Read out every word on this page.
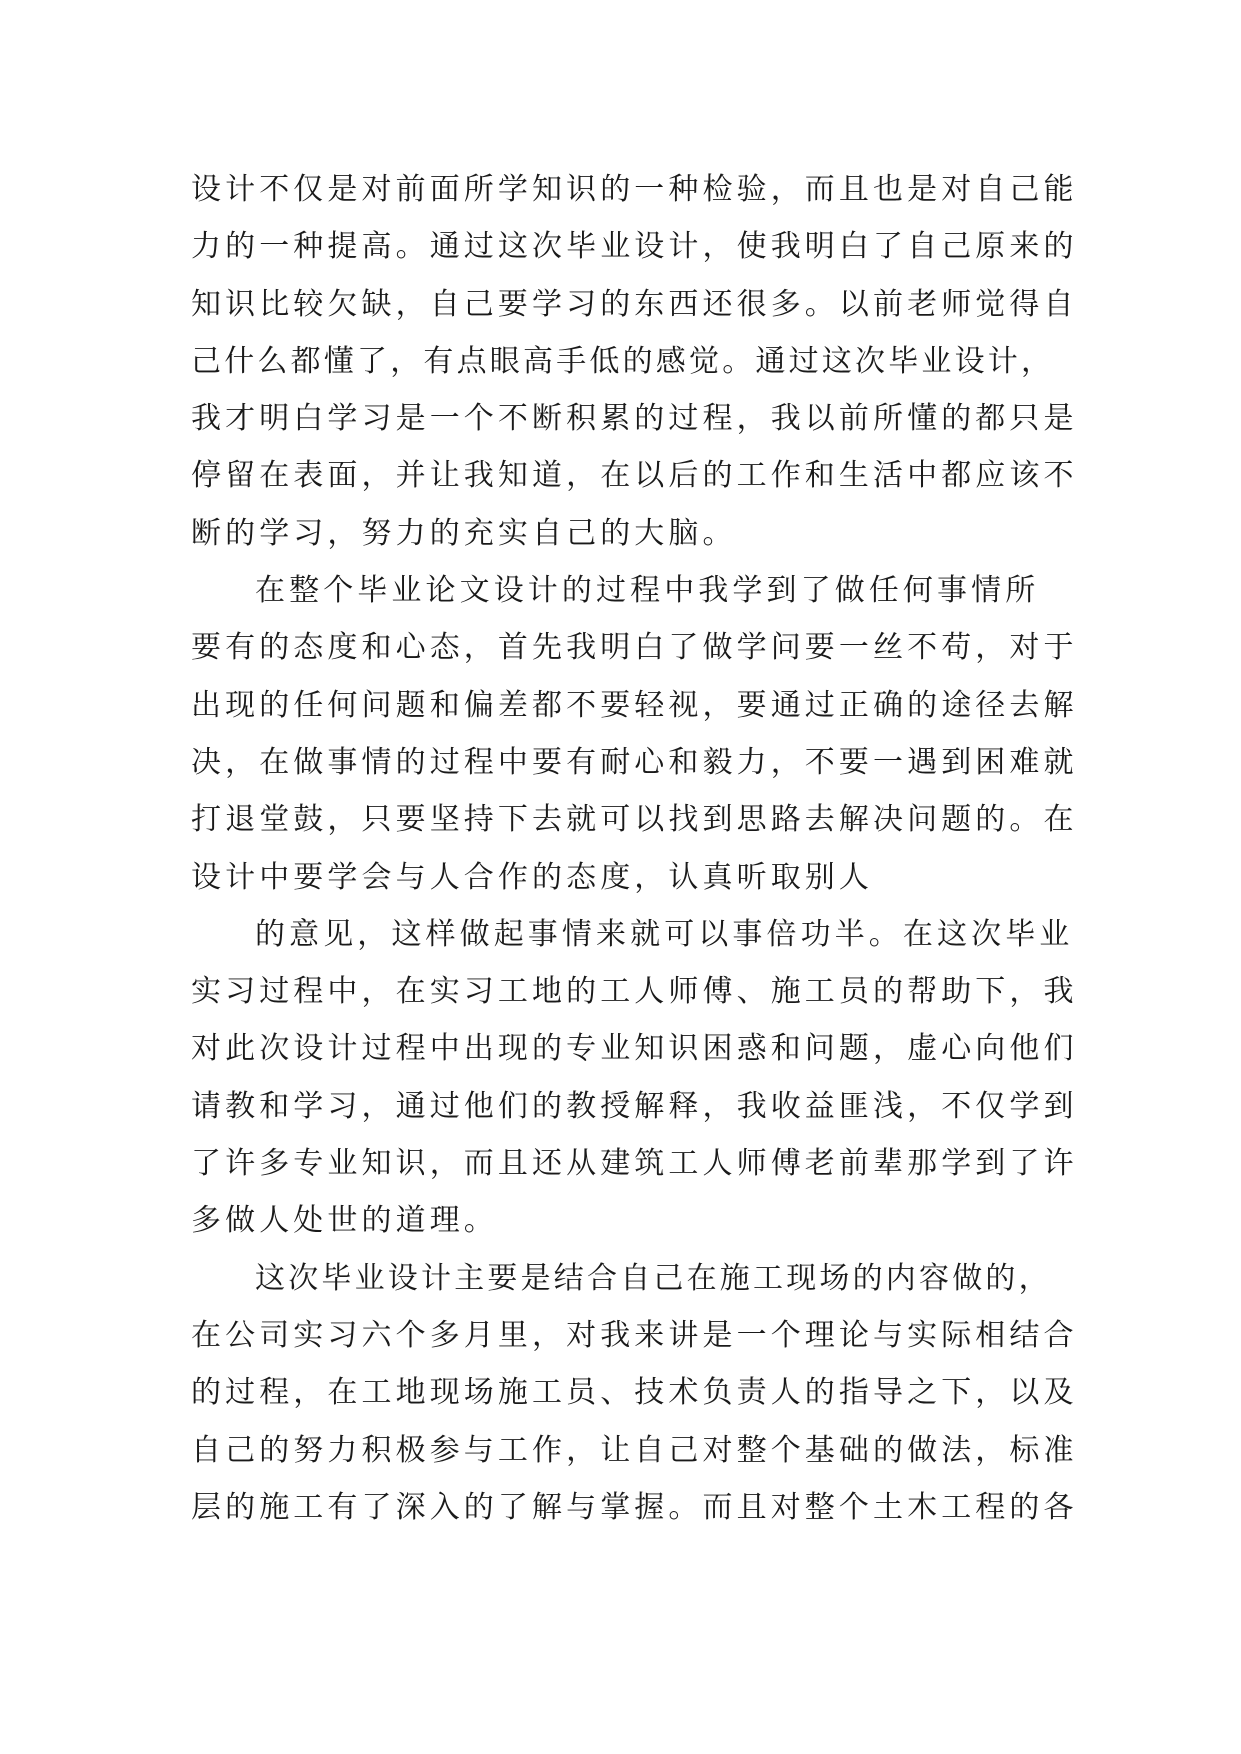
设计不仅是对前面所学知识的一种检验，而且也是对自己能
力的一种提高。通过这次毕业设计，使我明白了自己原来的
知识比较欠缺，自己要学习的东西还很多。以前老师觉得自
己什么都懂了，有点眼高手低的感觉。通过这次毕业设计，
我才明白学习是一个不断积累的过程，我以前所懂的都只是
停留在表面，并让我知道，在以后的工作和生活中都应该不
断的学习，努力的充实自己的大脑。
在整个毕业论文设计的过程中我学到了做任何事情所
要有的态度和心态，首先我明白了做学问要一丝不苟，对于
出现的任何问题和偏差都不要轻视，要通过正确的途径去解
决，在做事情的过程中要有耐心和毅力，不要一遇到困难就
打退堂鼓，只要坚持下去就可以找到思路去解决问题的。在
设计中要学会与人合作的态度，认真听取别人
的意见，这样做起事情来就可以事倍功半。在这次毕业
实习过程中，在实习工地的工人师傅、施工员的帮助下，我
对此次设计过程中出现的专业知识困惑和问题，虚心向他们
请教和学习，通过他们的教授解释，我收益匪浅，不仅学到
了许多专业知识，而且还从建筑工人师傅老前辈那学到了许
多做人处世的道理。
这次毕业设计主要是结合自己在施工现场的内容做的，
在公司实习六个多月里，对我来讲是一个理论与实际相结合
的过程，在工地现场施工员、技术负责人的指导之下，以及
自己的努力积极参与工作，让自己对整个基础的做法，标准
层的施工有了深入的了解与掌握。而且对整个土木工程的各
